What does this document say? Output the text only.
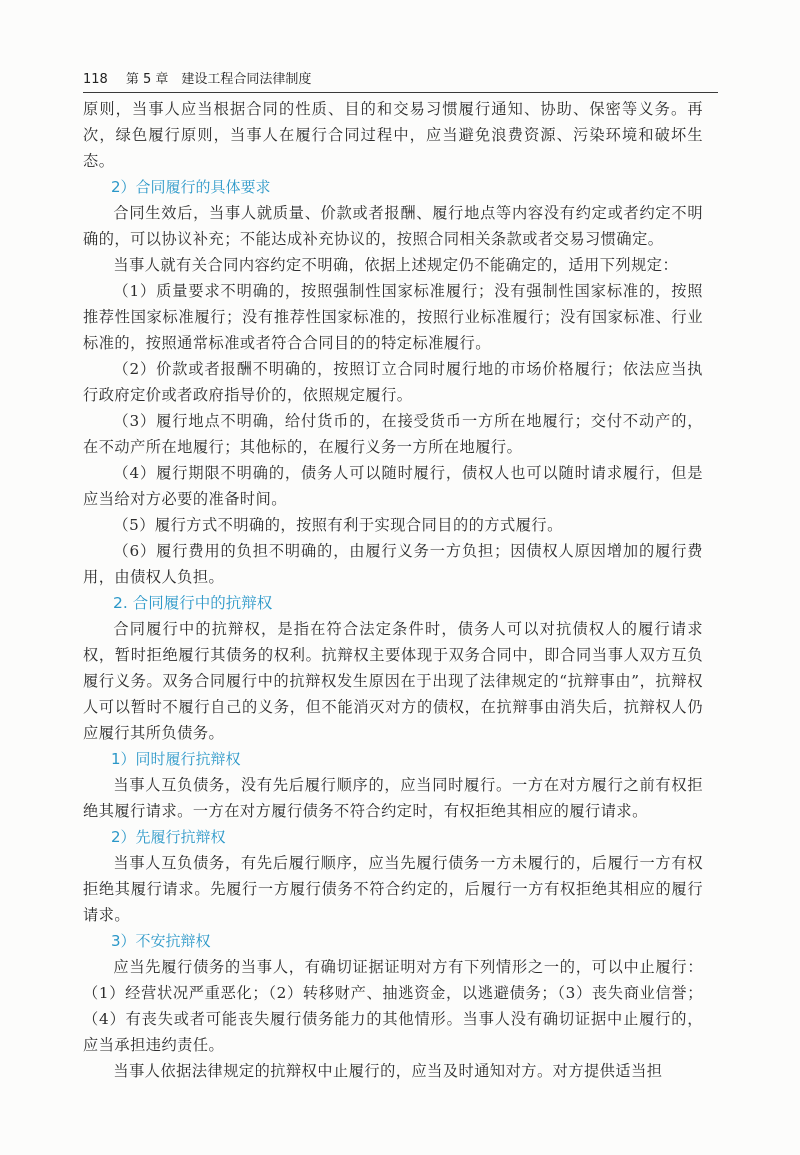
118 第 5 章　建设工程合同法律制度

原则，当事人应当根据合同的性质、目的和交易习惯履行通知、协助、保密等义务。再次，绿色履行原则，当事人在履行合同过程中，应当避免浪费资源、污染环境和破坏生态。

2）合同履行的具体要求

合同生效后，当事人就质量、价款或者报酬、履行地点等内容没有约定或者约定不明确的，可以协议补充；不能达成补充协议的，按照合同相关条款或者交易习惯确定。

当事人就有关合同内容约定不明确，依据上述规定仍不能确定的，适用下列规定：

（1）质量要求不明确的，按照强制性国家标准履行；没有强制性国家标准的，按照推荐性国家标准履行；没有推荐性国家标准的，按照行业标准履行；没有国家标准、行业标准的，按照通常标准或者符合合同目的的特定标准履行。

（2）价款或者报酬不明确的，按照订立合同时履行地的市场价格履行；依法应当执行政府定价或者政府指导价的，依照规定履行。

（3）履行地点不明确，给付货币的，在接受货币一方所在地履行；交付不动产的，在不动产所在地履行；其他标的，在履行义务一方所在地履行。

（4）履行期限不明确的，债务人可以随时履行，债权人也可以随时请求履行，但是应当给对方必要的准备时间。

（5）履行方式不明确的，按照有利于实现合同目的的方式履行。

（6）履行费用的负担不明确的，由履行义务一方负担；因债权人原因增加的履行费用，由债权人负担。

2. 合同履行中的抗辩权

合同履行中的抗辩权，是指在符合法定条件时，债务人可以对抗债权人的履行请求权，暂时拒绝履行其债务的权利。抗辩权主要体现于双务合同中，即合同当事人双方互负履行义务。双务合同履行中的抗辩权发生原因在于出现了法律规定的“抗辩事由”，抗辩权人可以暂时不履行自己的义务，但不能消灭对方的债权，在抗辩事由消失后，抗辩权人仍应履行其所负债务。

1）同时履行抗辩权

当事人互负债务，没有先后履行顺序的，应当同时履行。一方在对方履行之前有权拒绝其履行请求。一方在对方履行债务不符合约定时，有权拒绝其相应的履行请求。

2）先履行抗辩权

当事人互负债务，有先后履行顺序，应当先履行债务一方未履行的，后履行一方有权拒绝其履行请求。先履行一方履行债务不符合约定的，后履行一方有权拒绝其相应的履行请求。

3）不安抗辩权

应当先履行债务的当事人，有确切证据证明对方有下列情形之一的，可以中止履行：（1）经营状况严重恶化；（2）转移财产、抽逃资金，以逃避债务；（3）丧失商业信誉；（4）有丧失或者可能丧失履行债务能力的其他情形。当事人没有确切证据中止履行的，应当承担违约责任。

当事人依据法律规定的抗辩权中止履行的，应当及时通知对方。对方提供适当担
